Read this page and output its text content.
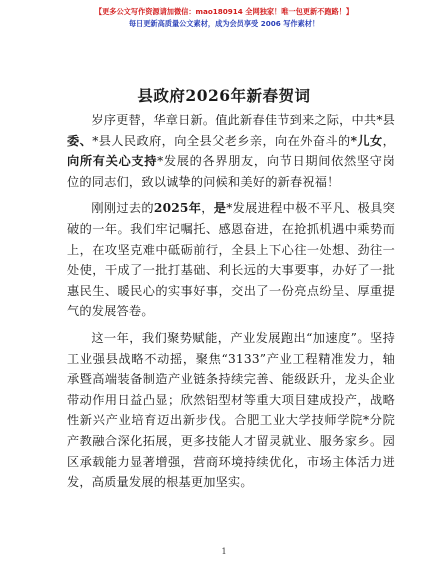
【更多公文写作资源请加微信：mao180914 全网独家！唯一包更新不跑路！】
每日更新高质量公文素材，成为会员享受 2006 写作素材！
县政府2026年新春贺词

岁序更替，华章日新。值此新春佳节到来之际，中共*县委、*县人民政府，向全县父老乡亲，向在外奋斗的*儿女，向所有关心支持*发展的各界朋友，向节日期间依然坚守岗位的同志们，致以诚挚的问候和美好的新春祝福！

刚刚过去的2025年，是*发展进程中极不平凡、极具突破的一年。我们牢记嘱托、感恩奋进，在抢抓机遇中乘势而上，在攻坚克难中砥砺前行，全县上下心往一处想、劲往一处使，干成了一批打基础、利长远的大事要事，办好了一批惠民生、暖民心的实事好事，交出了一份亮点纷呈、厚重提气的发展答卷。

这一年，我们聚势赋能，产业发展跑出“加速度”。坚持工业强县战略不动摇，聚焦“3133”产业工程精准发力，轴承暨高端装备制造产业链条持续完善、能级跃升，龙头企业带动作用日益凸显；欣然铝型材等重大项目建成投产，战略性新兴产业培育迈出新步伐。合肥工业大学技师学院*分院产教融合深化拓展，更多技能人才留灵就业、服务家乡。园区承载能力显著增强，营商环境持续优化，市场主体活力迸发，高质量发展的根基更加坚实。

1
